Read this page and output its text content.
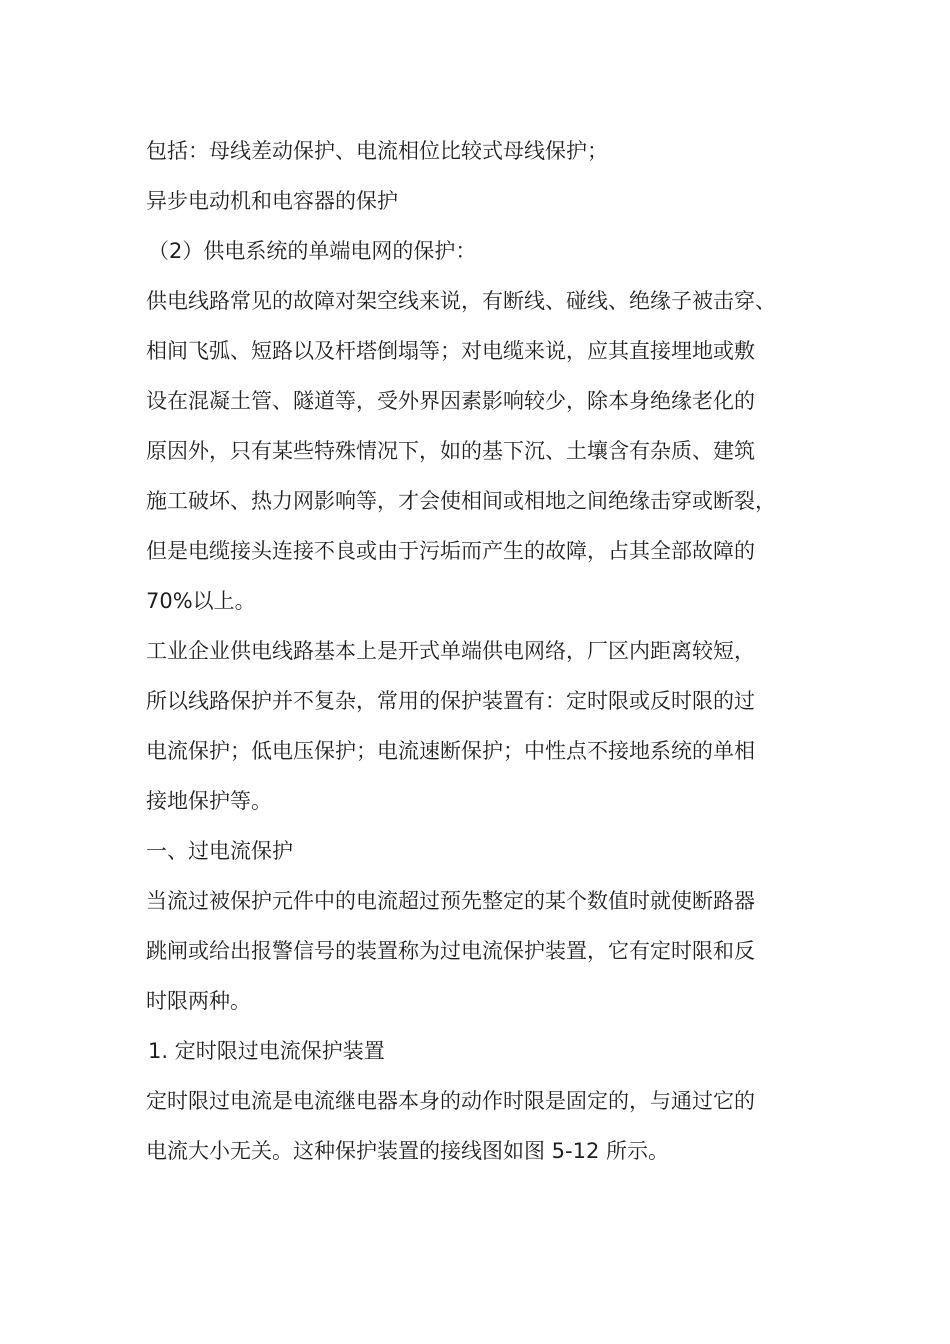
包括：母线差动保护、电流相位比较式母线保护；
异步电动机和电容器的保护
（2）供电系统的单端电网的保护：
供电线路常见的故障对架空线来说，有断线、碰线、绝缘子被击穿、
相间飞弧、短路以及杆塔倒塌等；对电缆来说，应其直接埋地或敷
设在混凝土管、隧道等，受外界因素影响较少，除本身绝缘老化的
原因外，只有某些特殊情况下，如的基下沉、土壤含有杂质、建筑
施工破坏、热力网影响等，才会使相间或相地之间绝缘击穿或断裂，
但是电缆接头连接不良或由于污垢而产生的故障，占其全部故障的
70%以上。
工业企业供电线路基本上是开式单端供电网络，厂区内距离较短，
所以线路保护并不复杂，常用的保护装置有：定时限或反时限的过
电流保护；低电压保护；电流速断保护；中性点不接地系统的单相
接地保护等。
一、过电流保护
当流过被保护元件中的电流超过预先整定的某个数值时就使断路器
跳闸或给出报警信号的装置称为过电流保护装置，它有定时限和反
时限两种。
1. 定时限过电流保护装置
定时限过电流是电流继电器本身的动作时限是固定的，与通过它的
电流大小无关。这种保护装置的接线图如图 5-12 所示。
